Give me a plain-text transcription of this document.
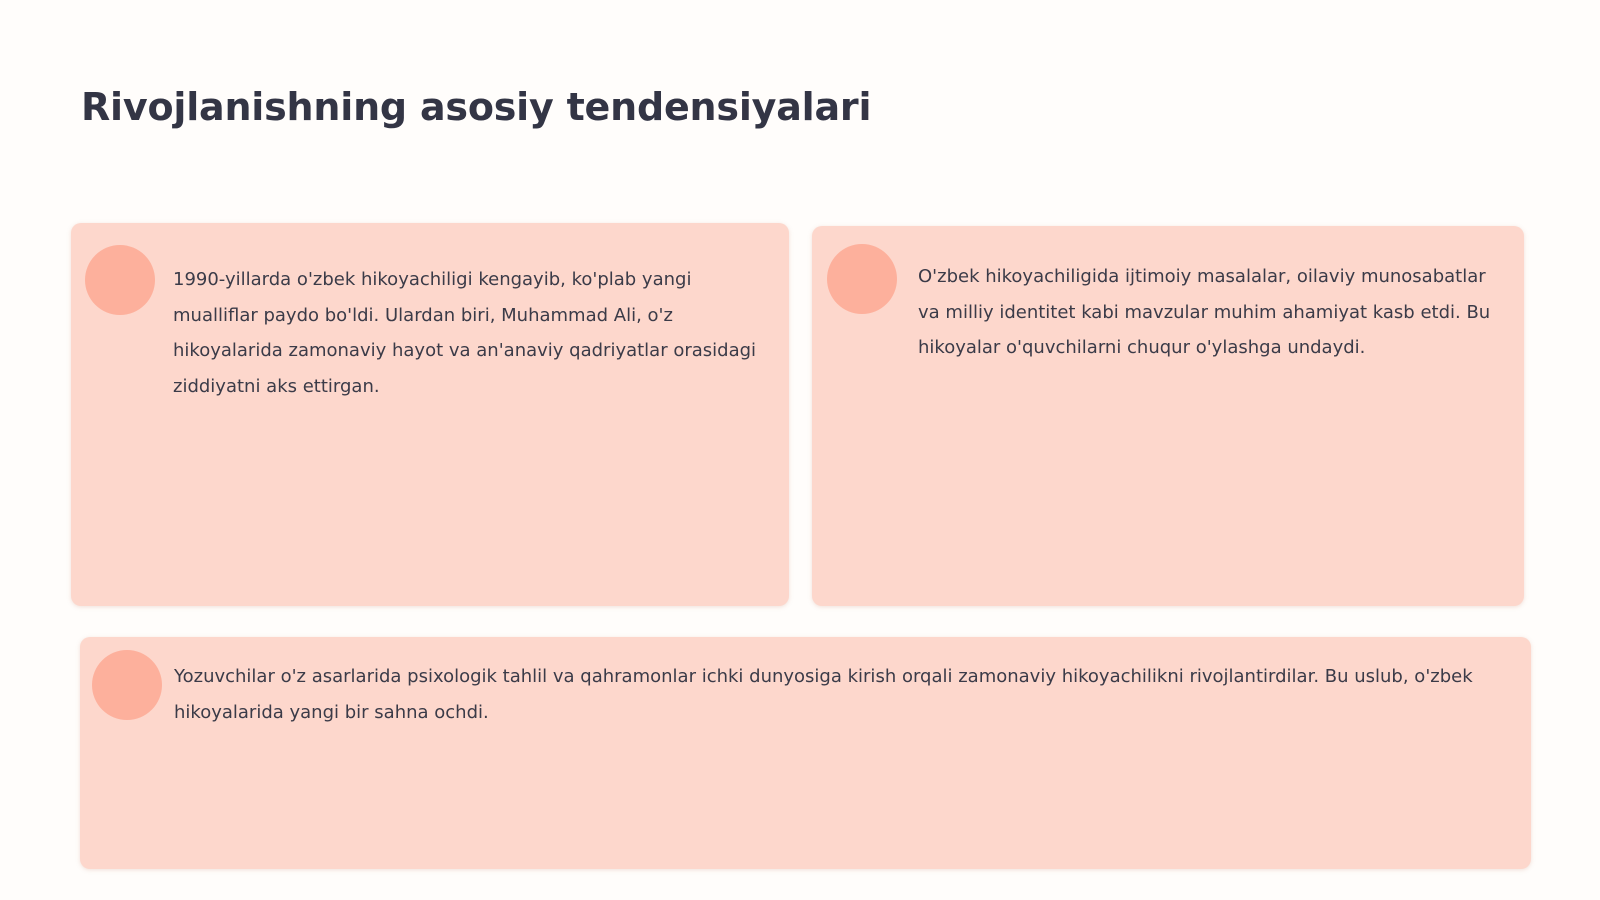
Rivojlanishning asosiy tendensiyalari

1990-yillarda o'zbek hikoyachiligi kengayib, ko'plab yangi mualliflar paydo bo'ldi. Ulardan biri, Muhammad Ali, o'z hikoyalarida zamonaviy hayot va an'anaviy qadriyatlar orasidagi ziddiyatni aks ettirgan.

O'zbek hikoyachiligida ijtimoiy masalalar, oilaviy munosabatlar va milliy identitet kabi mavzular muhim ahamiyat kasb etdi. Bu hikoyalar o'quvchilarni chuqur o'ylashga undaydi.

Yozuvchilar o'z asarlarida psixologik tahlil va qahramonlar ichki dunyosiga kirish orqali zamonaviy hikoyachilikni rivojlantirdilar. Bu uslub, o'zbek hikoyalarida yangi bir sahna ochdi.
